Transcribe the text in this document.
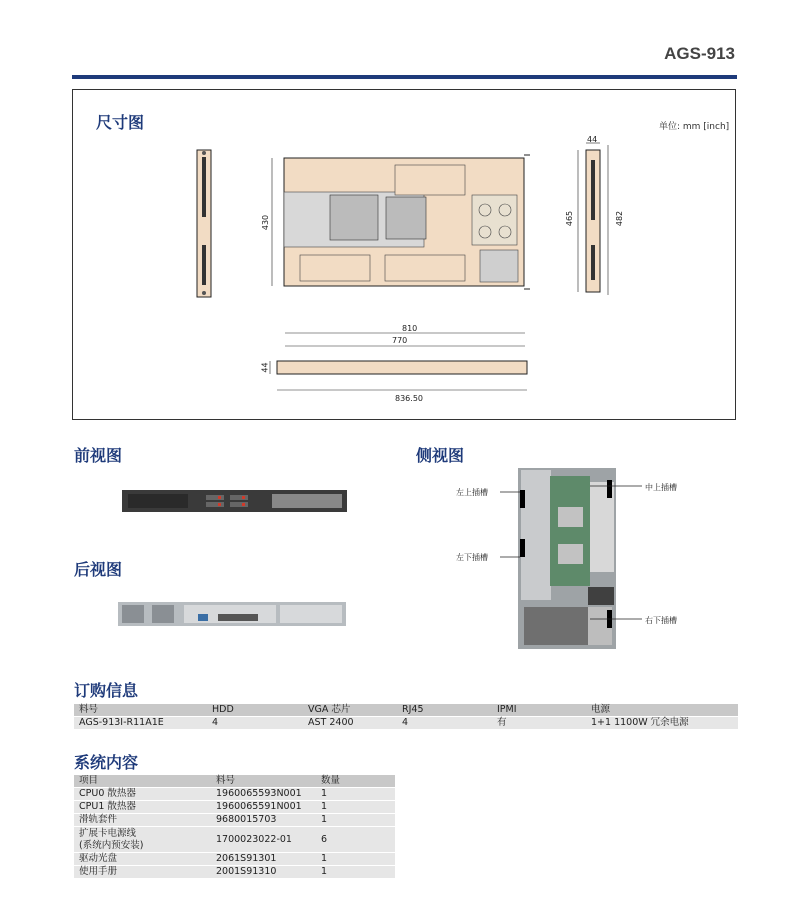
AGS-913
尺寸图	单位: mm [inch]
430
44
465	482
810
770
44
836.50
前视图
后视图
侧视图
左上插槽
中上插槽
左下插槽
右下插槽
订购信息
料号	HDD	VGA 芯片	RJ45	IPMI	电源
AGS-913I-R11A1E	4	AST 2400	4	有	1+1 1100W 冗余电源
系统内容
项目	料号	数量
CPU0 散热器	1960065593N001	1
CPU1 散热器	1960065591N001	1
滑轨套件	9680015703	1
扩展卡电源线
(系统内预安装)	1700023022-01	6
驱动光盘	2061S91301	1
使用手册	2001S91310	1
